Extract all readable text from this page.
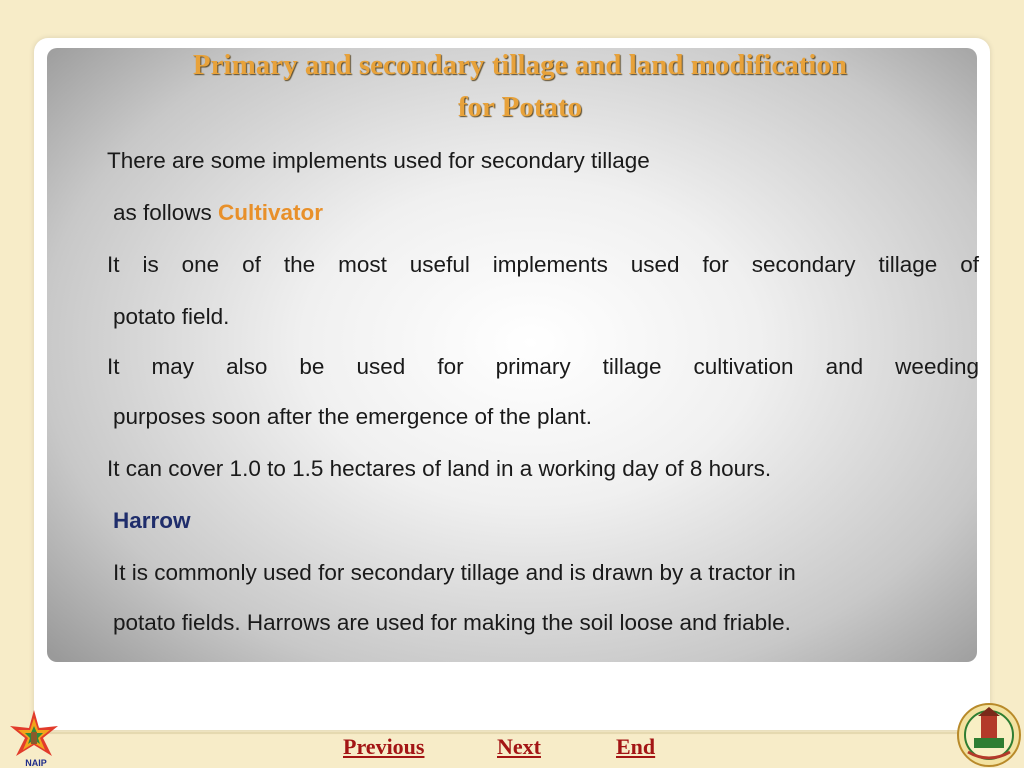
Primary and secondary tillage and land modification
for Potato
There are some implements used for secondary tillage
as follows Cultivator
It is one of the most useful implements used for secondary tillage of
potato field.
It may also be used for primary tillage cultivation and weeding
purposes soon after the emergence of the plant.
It can cover 1.0 to 1.5 hectares of land in a working day of 8 hours.
Harrow
It is commonly used for secondary tillage and is drawn by a tractor in
potato fields. Harrows are used for making the soil loose and friable.
NAIP
Previous	Next	End
